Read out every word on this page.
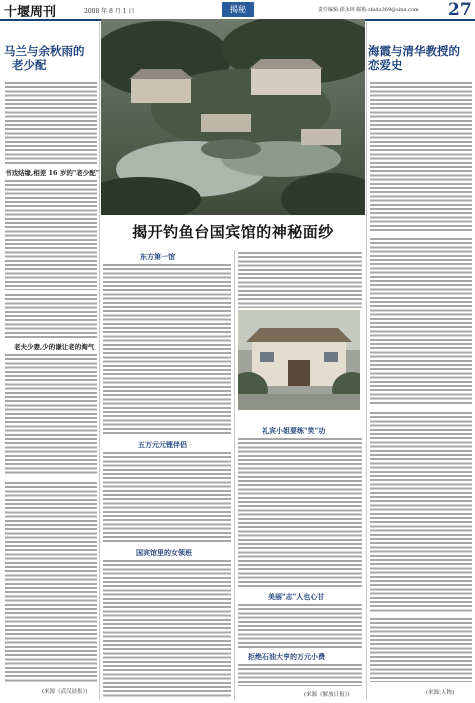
十堰周刊	2008 年 8 月 1 日	揭秘	责任编辑:徐永林 邮箱:zhida369@sina.com 27
马兰与余秋雨的
老少配
书戏结缘,相差 16 岁的"老少配"
老夫少妻,少的谦让老的淘气
(来源《武汉晨报》)
揭开钓鱼台国宾馆的神秘面纱
东方第一馆
五万元元锂伴侣
国宾馆里的女领班
礼宾小姐要练"笑"功
美丽"志"人也心甘
拒绝石油大亨的万元小费
(来源《解放日报》)
海霞与清华教授的
恋爱史
(来源:人物)
